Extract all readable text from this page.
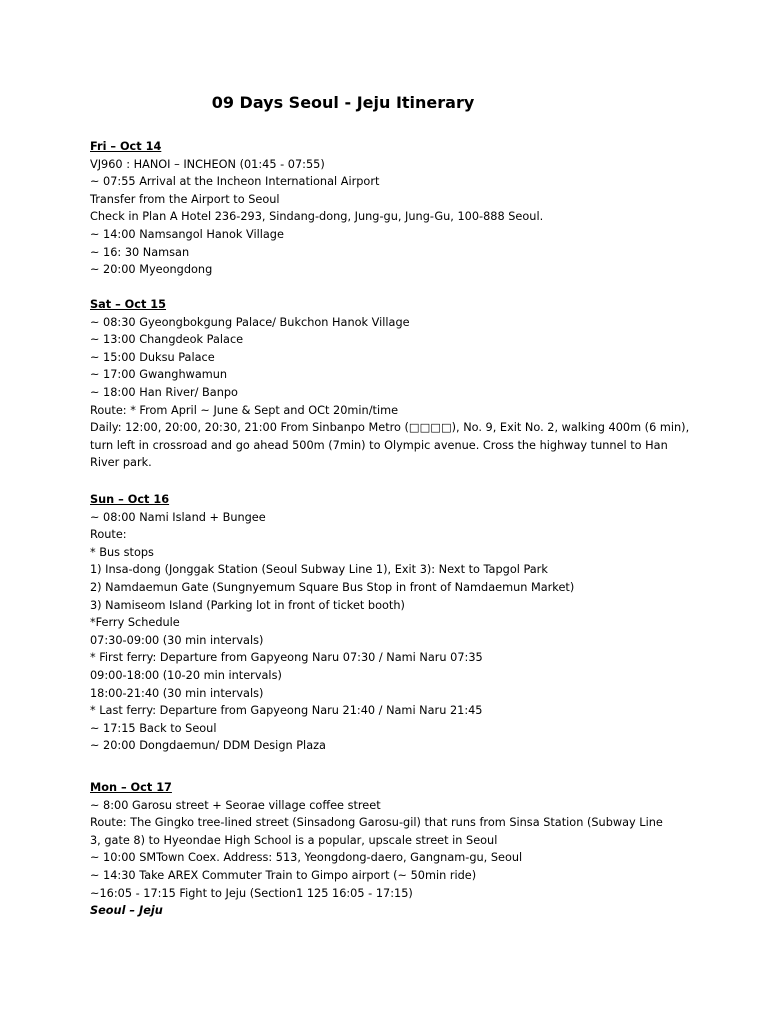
09 Days Seoul - Jeju Itinerary
Fri – Oct 14
VJ960 : HANOI – INCHEON (01:45 - 07:55)
~ 07:55 Arrival at the Incheon International Airport
Transfer from the Airport to Seoul
Check in Plan A Hotel 236-293, Sindang-dong, Jung-gu, Jung-Gu, 100-888 Seoul.
~ 14:00 Namsangol Hanok Village
~ 16: 30 Namsan
~ 20:00 Myeongdong
Sat – Oct 15
~ 08:30 Gyeongbokgung Palace/ Bukchon Hanok Village
~ 13:00 Changdeok Palace
~ 15:00 Duksu Palace
~ 17:00 Gwanghwamun
~ 18:00 Han River/ Banpo
Route: * From April ~ June & Sept and OCt 20min/time
Daily: 12:00, 20:00, 20:30, 21:00 From Sinbanpo Metro (□□□□), No. 9, Exit No. 2, walking 400m (6 min),
turn left in crossroad and go ahead 500m (7min) to Olympic avenue. Cross the highway tunnel to Han
River park.
Sun – Oct 16
~ 08:00 Nami Island + Bungee
Route:
* Bus stops
1) Insa-dong (Jonggak Station (Seoul Subway Line 1), Exit 3): Next to Tapgol Park
2) Namdaemun Gate (Sungnyemum Square Bus Stop in front of Namdaemun Market)
3) Namiseom Island (Parking lot in front of ticket booth)
*Ferry Schedule
07:30-09:00 (30 min intervals)
* First ferry: Departure from Gapyeong Naru 07:30 / Nami Naru 07:35
09:00-18:00 (10-20 min intervals)
18:00-21:40 (30 min intervals)
* Last ferry: Departure from Gapyeong Naru 21:40 / Nami Naru 21:45
~ 17:15 Back to Seoul
~ 20:00 Dongdaemun/ DDM Design Plaza
Mon – Oct 17
~ 8:00 Garosu street + Seorae village coffee street
Route: The Gingko tree-lined street (Sinsadong Garosu-gil) that runs from Sinsa Station (Subway Line
3, gate 8) to Hyeondae High School is a popular, upscale street in Seoul
~ 10:00 SMTown Coex. Address: 513, Yeongdong-daero, Gangnam-gu, Seoul
~ 14:30 Take AREX Commuter Train to Gimpo airport (~ 50min ride)
~16:05 - 17:15 Fight to Jeju (Section1 125 16:05 - 17:15)
Seoul – Jeju
